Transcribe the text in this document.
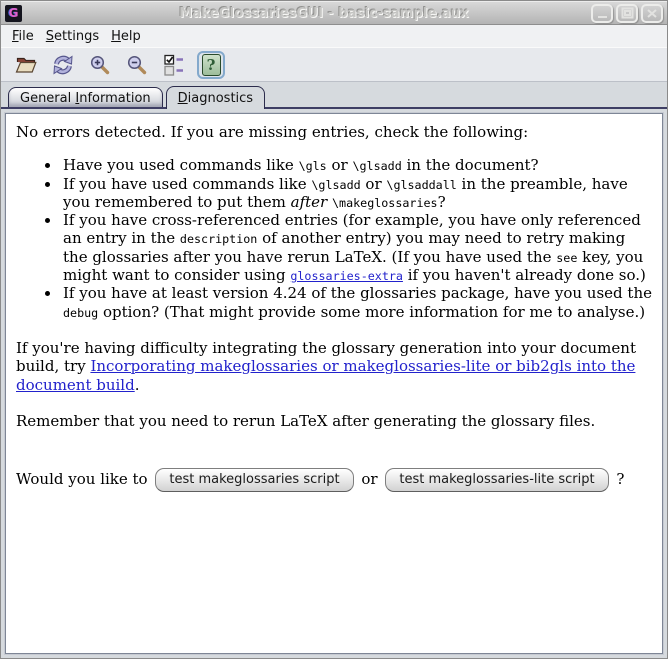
G	MakeGlossariesGUI - basic-sample.aux
File Settings Help
?
General Information	Diagnostics

No errors detected. If you are missing entries, check the following:

• Have you used commands like \gls or \glsadd in the document?
• If you have used commands like \glsadd or \glsaddall in the preamble, have you remembered to put them after \makeglossaries?
• If you have cross-referenced entries (for example, you have only referenced an entry in the description of another entry) you may need to retry making the glossaries after you have rerun LaTeX. (If you have used the see key, you might want to consider using glossaries-extra if you haven't already done so.)
• If you have at least version 4.24 of the glossaries package, have you used the debug option? (That might provide some more information for me to analyse.)

If you're having difficulty integrating the glossary generation into your document build, try Incorporating makeglossaries or makeglossaries-lite or bib2gls into the document build.

Remember that you need to rerun LaTeX after generating the glossary files.

Would you like to test makeglossaries script or test makeglossaries-lite script ?
